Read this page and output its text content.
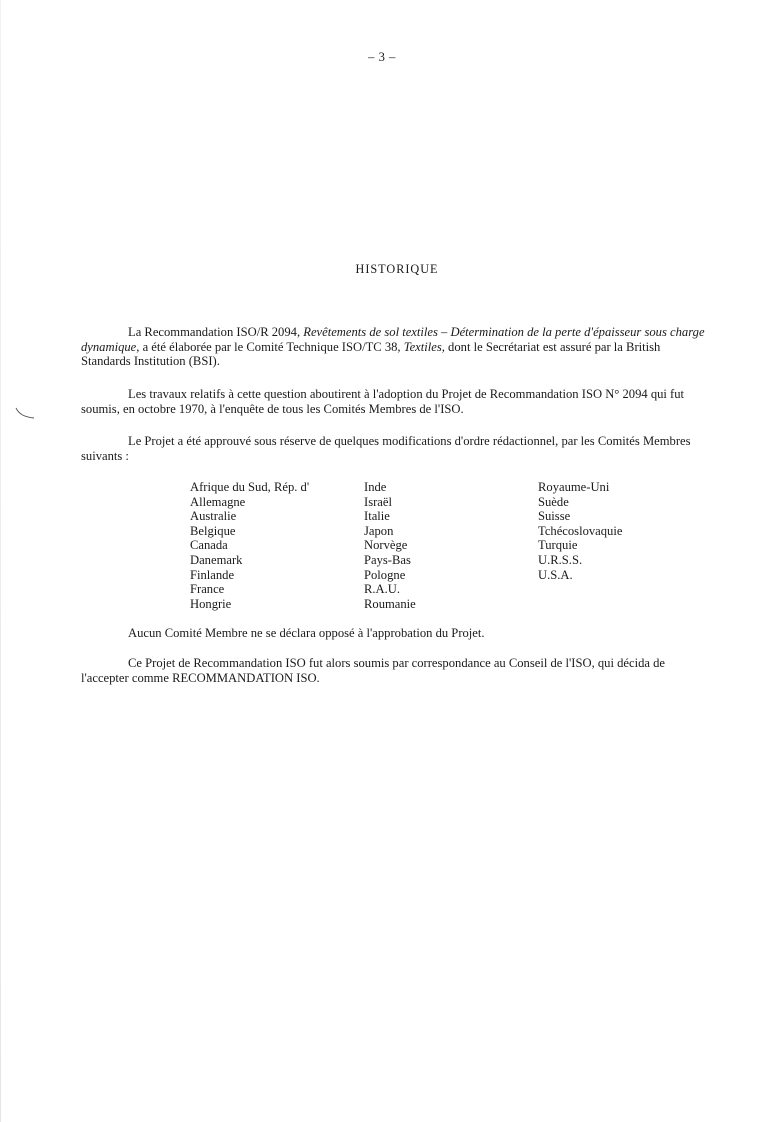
– 3 –
HISTORIQUE

La Recommandation ISO/R 2094, Revêtements de sol textiles – Détermination de la perte d'épaisseur sous charge dynamique, a été élaborée par le Comité Technique ISO/TC 38, Textiles, dont le Secrétariat est assuré par la British Standards Institution (BSI).

Les travaux relatifs à cette question aboutirent à l'adoption du Projet de Recommandation ISO N° 2094 qui fut soumis, en octobre 1970, à l'enquête de tous les Comités Membres de l'ISO.

Le Projet a été approuvé sous réserve de quelques modifications d'ordre rédactionnel, par les Comités Membres suivants :

Afrique du Sud, Rép. d'
Allemagne
Australie
Belgique
Canada
Danemark
Finlande
France
Hongrie
Inde
Israël
Italie
Japon
Norvège
Pays-Bas
Pologne
R.A.U.
Roumanie
Royaume-Uni
Suède
Suisse
Tchécoslovaquie
Turquie
U.R.S.S.
U.S.A.

Aucun Comité Membre ne se déclara opposé à l'approbation du Projet.

Ce Projet de Recommandation ISO fut alors soumis par correspondance au Conseil de l'ISO, qui décida de l'accepter comme RECOMMANDATION ISO.
